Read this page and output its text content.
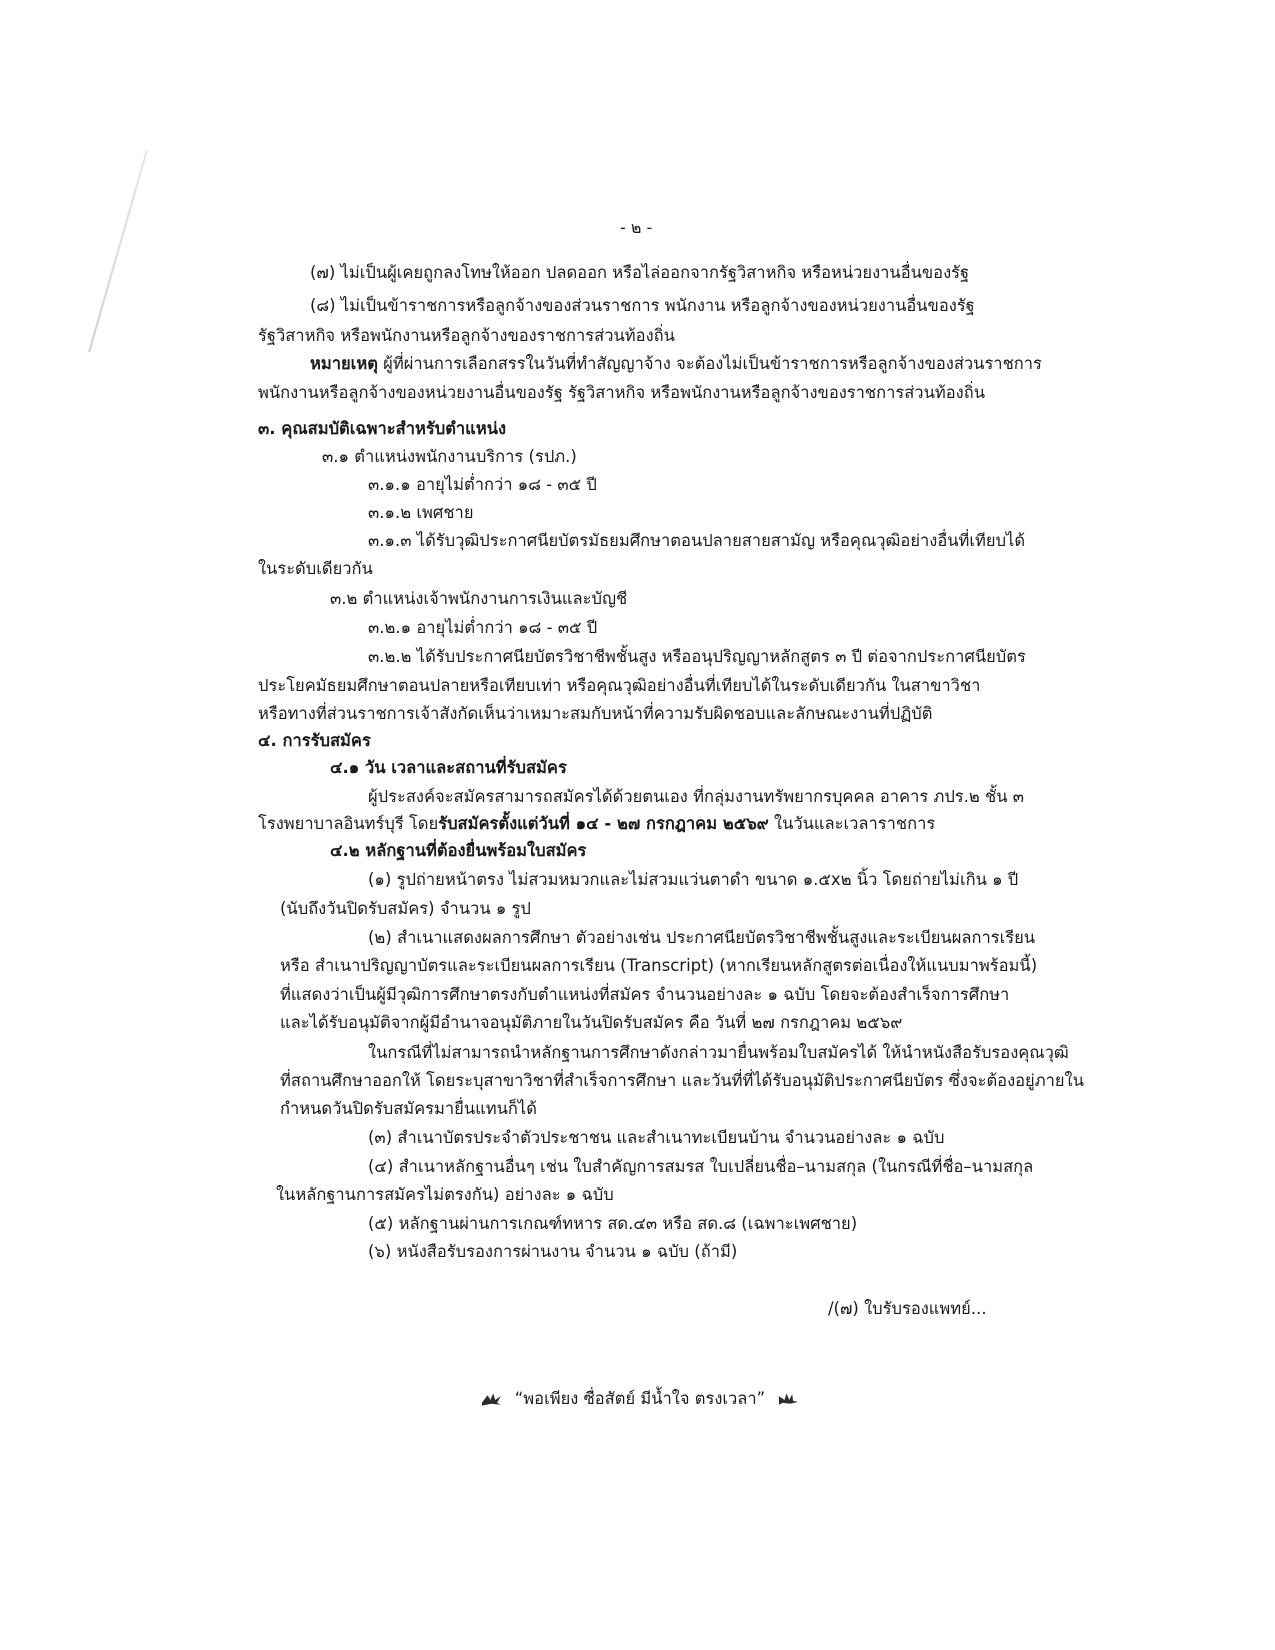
- ๒ -
(๗) ไม่เป็นผู้เคยถูกลงโทษให้ออก ปลดออก หรือไล่ออกจากรัฐวิสาหกิจ หรือหน่วยงานอื่นของรัฐ
(๘) ไม่เป็นข้าราชการหรือลูกจ้างของส่วนราชการ พนักงาน หรือลูกจ้างของหน่วยงานอื่นของรัฐ
รัฐวิสาหกิจ หรือพนักงานหรือลูกจ้างของราชการส่วนท้องถิ่น
หมายเหตุ ผู้ที่ผ่านการเลือกสรรในวันที่ทำสัญญาจ้าง จะต้องไม่เป็นข้าราชการหรือลูกจ้างของส่วนราชการ
พนักงานหรือลูกจ้างของหน่วยงานอื่นของรัฐ รัฐวิสาหกิจ หรือพนักงานหรือลูกจ้างของราชการส่วนท้องถิ่น
๓. คุณสมบัติเฉพาะสำหรับตำแหน่ง
๓.๑ ตำแหน่งพนักงานบริการ (รปภ.)
๓.๑.๑ อายุไม่ต่ำกว่า ๑๘ - ๓๕ ปี
๓.๑.๒ เพศชาย
๓.๑.๓ ได้รับวุฒิประกาศนียบัตรมัธยมศึกษาตอนปลายสายสามัญ หรือคุณวุฒิอย่างอื่นที่เทียบได้
ในระดับเดียวกัน
๓.๒ ตำแหน่งเจ้าพนักงานการเงินและบัญชี
๓.๒.๑ อายุไม่ต่ำกว่า ๑๘ - ๓๕ ปี
๓.๒.๒ ได้รับประกาศนียบัตรวิชาชีพชั้นสูง หรืออนุปริญญาหลักสูตร ๓ ปี ต่อจากประกาศนียบัตร
ประโยคมัธยมศึกษาตอนปลายหรือเทียบเท่า หรือคุณวุฒิอย่างอื่นที่เทียบได้ในระดับเดียวกัน ในสาขาวิชา
หรือทางที่ส่วนราชการเจ้าสังกัดเห็นว่าเหมาะสมกับหน้าที่ความรับผิดชอบและลักษณะงานที่ปฏิบัติ
๔. การรับสมัคร
๔.๑ วัน เวลาและสถานที่รับสมัคร
ผู้ประสงค์จะสมัครสามารถสมัครได้ด้วยตนเอง ที่กลุ่มงานทรัพยากรบุคคล อาคาร ภปร.๒ ชั้น ๓
โรงพยาบาลอินทร์บุรี โดยรับสมัครตั้งแต่วันที่ ๑๔ - ๒๗ กรกฎาคม ๒๕๖๙ ในวันและเวลาราชการ
๔.๒ หลักฐานที่ต้องยื่นพร้อมใบสมัคร
(๑) รูปถ่ายหน้าตรง ไม่สวมหมวกและไม่สวมแว่นตาดำ ขนาด ๑.๕x๒ นิ้ว โดยถ่ายไม่เกิน ๑ ปี
(นับถึงวันปิดรับสมัคร) จำนวน ๑ รูป
(๒) สำเนาแสดงผลการศึกษา ตัวอย่างเช่น ประกาศนียบัตรวิชาชีพชั้นสูงและระเบียนผลการเรียน
หรือ สำเนาปริญญาบัตรและระเบียนผลการเรียน (Transcript) (หากเรียนหลักสูตรต่อเนื่องให้แนบมาพร้อมนี้)
ที่แสดงว่าเป็นผู้มีวุฒิการศึกษาตรงกับตำแหน่งที่สมัคร จำนวนอย่างละ ๑ ฉบับ โดยจะต้องสำเร็จการศึกษา
และได้รับอนุมัติจากผู้มีอำนาจอนุมัติภายในวันปิดรับสมัคร คือ วันที่ ๒๗ กรกฎาคม ๒๕๖๙
ในกรณีที่ไม่สามารถนำหลักฐานการศึกษาดังกล่าวมายื่นพร้อมใบสมัครได้ ให้นำหนังสือรับรองคุณวุฒิ
ที่สถานศึกษาออกให้ โดยระบุสาขาวิชาที่สำเร็จการศึกษา และวันที่ที่ได้รับอนุมัติประกาศนียบัตร ซึ่งจะต้องอยู่ภายใน
กำหนดวันปิดรับสมัครมายื่นแทนก็ได้
(๓) สำเนาบัตรประจำตัวประชาชน และสำเนาทะเบียนบ้าน จำนวนอย่างละ ๑ ฉบับ
(๔) สำเนาหลักฐานอื่นๆ เช่น ใบสำคัญการสมรส ใบเปลี่ยนชื่อ–นามสกุล (ในกรณีที่ชื่อ–นามสกุล
ในหลักฐานการสมัครไม่ตรงกัน) อย่างละ ๑ ฉบับ
(๕) หลักฐานผ่านการเกณฑ์ทหาร สด.๔๓ หรือ สด.๘ (เฉพาะเพศชาย)
(๖) หนังสือรับรองการผ่านงาน จำนวน ๑ ฉบับ (ถ้ามี)
/(๗) ใบรับรองแพทย์...
“พอเพียง ซื่อสัตย์ มีน้ำใจ ตรงเวลา”
